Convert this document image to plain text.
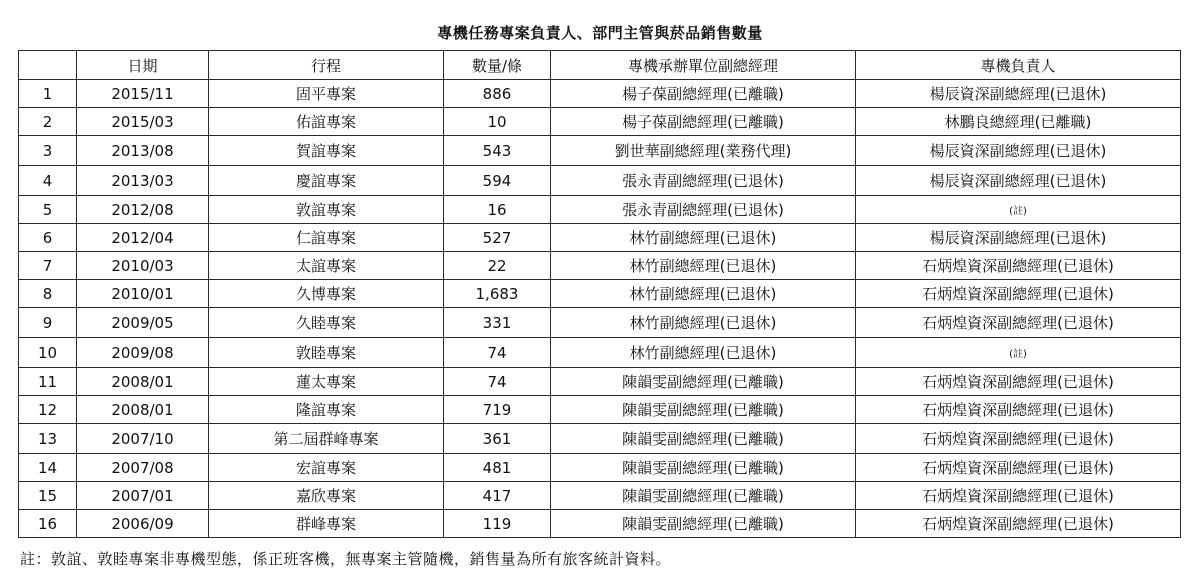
專機任務專案負責人、部門主管與菸品銷售數量
	日期	行程	數量/條	專機承辦單位副總經理	專機負責人
1	2015/11	固平專案	886	楊子葆副總經理(已離職)	楊辰資深副總經理(已退休)
2	2015/03	佑誼專案	10	楊子葆副總經理(已離職)	林鵬良總經理(已離職)
3	2013/08	賀誼專案	543	劉世華副總經理(業務代理)	楊辰資深副總經理(已退休)
4	2013/03	慶誼專案	594	張永青副總經理(已退休)	楊辰資深副總經理(已退休)
5	2012/08	敦誼專案	16	張永青副總經理(已退休)	(註)
6	2012/04	仁誼專案	527	林竹副總經理(已退休)	楊辰資深副總經理(已退休)
7	2010/03	太誼專案	22	林竹副總經理(已退休)	石炳煌資深副總經理(已退休)
8	2010/01	久博專案	1,683	林竹副總經理(已退休)	石炳煌資深副總經理(已退休)
9	2009/05	久睦專案	331	林竹副總經理(已退休)	石炳煌資深副總經理(已退休)
10	2009/08	敦睦專案	74	林竹副總經理(已退休)	(註)
11	2008/01	蓮太專案	74	陳韻雯副總經理(已離職)	石炳煌資深副總經理(已退休)
12	2008/01	隆誼專案	719	陳韻雯副總經理(已離職)	石炳煌資深副總經理(已退休)
13	2007/10	第二屆群峰專案	361	陳韻雯副總經理(已離職)	石炳煌資深副總經理(已退休)
14	2007/08	宏誼專案	481	陳韻雯副總經理(已離職)	石炳煌資深副總經理(已退休)
15	2007/01	嘉欣專案	417	陳韻雯副總經理(已離職)	石炳煌資深副總經理(已退休)
16	2006/09	群峰專案	119	陳韻雯副總經理(已離職)	石炳煌資深副總經理(已退休)
註：敦誼、敦睦專案非專機型態，係正班客機，無專案主管隨機，銷售量為所有旅客統計資料。
